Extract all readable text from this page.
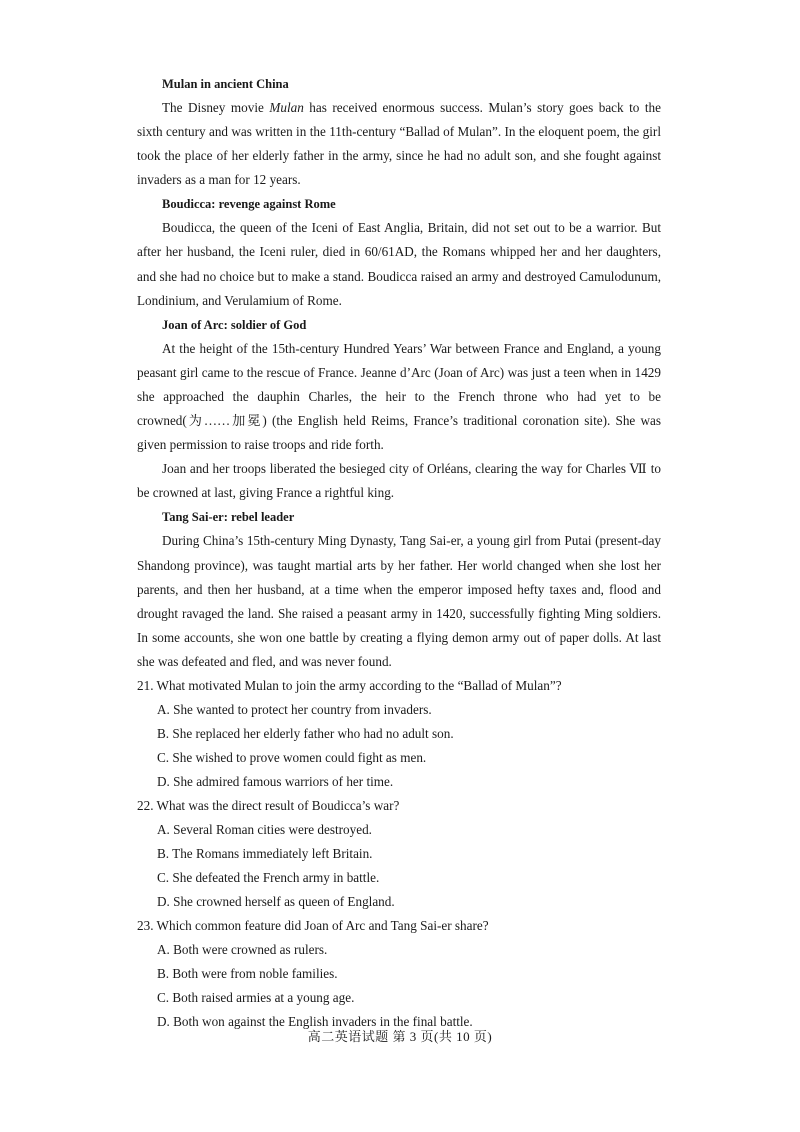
Mulan in ancient China

The Disney movie Mulan has received enormous success. Mulan’s story goes back to the sixth century and was written in the 11th-century “Ballad of Mulan”. In the eloquent poem, the girl took the place of her elderly father in the army, since he had no adult son, and she fought against invaders as a man for 12 years.

Boudicca: revenge against Rome

Boudicca, the queen of the Iceni of East Anglia, Britain, did not set out to be a warrior. But after her husband, the Iceni ruler, died in 60/61AD, the Romans whipped her and her daughters, and she had no choice but to make a stand. Boudicca raised an army and destroyed Camulodunum, Londinium, and Verulamium of Rome.

Joan of Arc: soldier of God

At the height of the 15th-century Hundred Years’ War between France and England, a young peasant girl came to the rescue of France. Jeanne d’Arc (Joan of Arc) was just a teen when in 1429 she approached the dauphin Charles, the heir to the French throne who had yet to be crowned(为……加冕) (the English held Reims, France’s traditional coronation site). She was given permission to raise troops and ride forth.

Joan and her troops liberated the besieged city of Orléans, clearing the way for Charles Ⅶ to be crowned at last, giving France a rightful king.

Tang Sai-er: rebel leader

During China’s 15th-century Ming Dynasty, Tang Sai-er, a young girl from Putai (present-day Shandong province), was taught martial arts by her father. Her world changed when she lost her parents, and then her husband, at a time when the emperor imposed hefty taxes and, flood and drought ravaged the land. She raised a peasant army in 1420, successfully fighting Ming soldiers. In some accounts, she won one battle by creating a flying demon army out of paper dolls. At last she was defeated and fled, and was never found.

21. What motivated Mulan to join the army according to the “Ballad of Mulan”?
A. She wanted to protect her country from invaders.
B. She replaced her elderly father who had no adult son.
C. She wished to prove women could fight as men.
D. She admired famous warriors of her time.
22. What was the direct result of Boudicca’s war?
A. Several Roman cities were destroyed.
B. The Romans immediately left Britain.
C. She defeated the French army in battle.
D. She crowned herself as queen of England.
23. Which common feature did Joan of Arc and Tang Sai-er share?
A. Both were crowned as rulers.
B. Both were from noble families.
C. Both raised armies at a young age.
D. Both won against the English invaders in the final battle.
高二英语试题 第 3 页(共 10 页)
